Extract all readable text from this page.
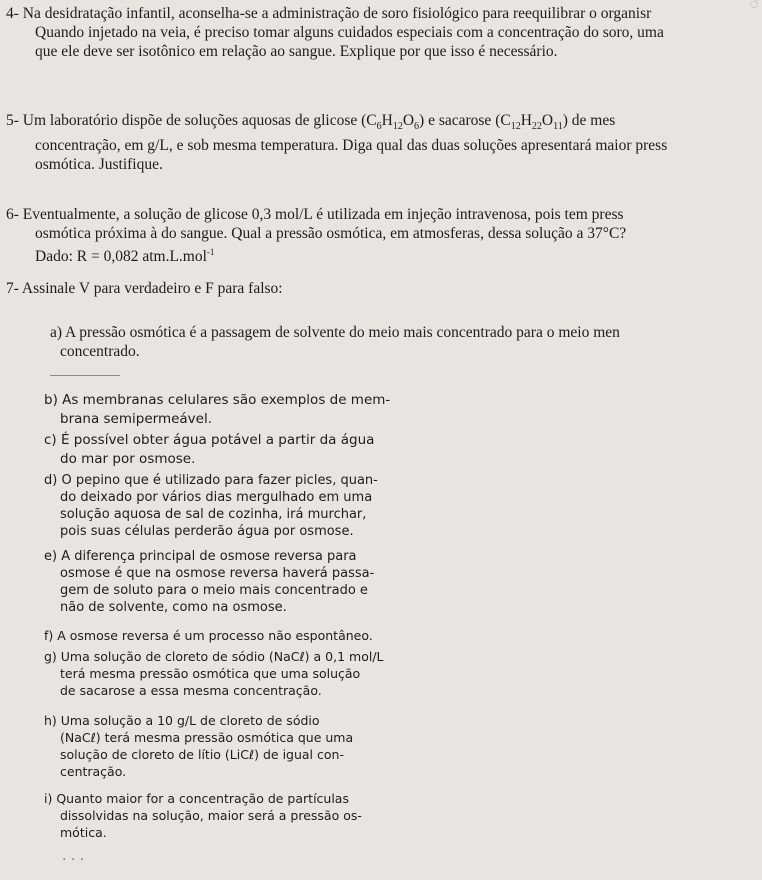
ੰ

4- Na desidratação infantil, aconselha-se a administração de soro fisiológico para reequilibrar o organisr
Quando injetado na veia, é preciso tomar alguns cuidados especiais com a concentração do soro, uma
que ele deve ser isotônico em relação ao sangue. Explique por que isso é necessário.

5- Um laboratório dispõe de soluções aquosas de glicose $(C_6H_{12}O_6)$ e sacarose $(C_{12}H_{22}O_{11})$ de mes
concentração, em g/L, e sob mesma temperatura. Diga qual das duas soluções apresentará maior press
osmótica. Justifique.

6- Eventualmente, a solução de glicose 0,3 mol/L é utilizada em injeção intravenosa, pois tem press
osmótica próxima à do sangue. Qual a pressão osmótica, em atmosferas, dessa solução a 37°C?
Dado: R = 0,082 atm.L.mol$^{-1}$

7- Assinale V para verdadeiro e F para falso:

a) A pressão osmótica é a passagem de solvente do meio mais concentrado para o meio men
concentrado.

b) As membranas celulares são exemplos de mem-
brana semipermeável.

c) É possível obter água potável a partir da água
do mar por osmose.

d) O pepino que é utilizado para fazer picles, quan-
do deixado por vários dias mergulhado em uma
solução aquosa de sal de cozinha, irá murchar,
pois suas células perderão água por osmose.

e) A diferença principal de osmose reversa para
osmose é que na osmose reversa haverá passa-
gem de soluto para o meio mais concentrado e
não de solvente, como na osmose.

f) A osmose reversa é um processo não espontâneo.

g) Uma solução de cloreto de sódio (NaCℓ) a 0,1 mol/L
terá mesma pressão osmótica que uma solução
de sacarose a essa mesma concentração.

h) Uma solução a 10 g/L de cloreto de sódio
(NaCℓ) terá mesma pressão osmótica que uma
solução de cloreto de lítio (LiCℓ) de igual con-
centração.

i) Quanto maior for a concentração de partículas
dissolvidas na solução, maior será a pressão os-
mótica.

. . .
